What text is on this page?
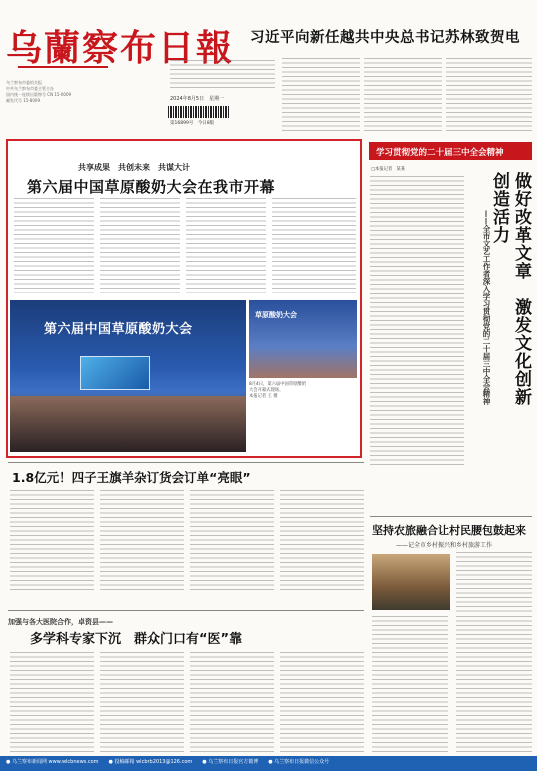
乌蘭察布日報
乌兰察布市委机关报
中共乌兰察布市委主管主办
国内统一连续出版物号 CN 15-0009
邮发代号 15-8009	2024年8月5日　星期一
第16899号　今日8版
习近平向新任越共中央总书记苏林致贺电
共享成果　共创未来　共谋大计
第六届中国草原酸奶大会在我市开幕
第六届中国草原酸奶大会
草原酸奶大会
8月4日，第六届中国草原酸奶
大会开幕式现场。
本报记者 王 摄
学习贯彻党的二十届三中全会精神
□本报记者　某某
——全市文艺工作者深入学习贯彻党的二十届三中全会精神	做好改革文章　激发文化创新创造活力
1.8亿元！四子王旗羊杂订货会订单“亮眼”
坚持农旅融合让村民腰包鼓起来
——记全市乡村振兴和乡村旅游工作
加强与各大医院合作，卓资县——
多学科专家下沉　群众门口有“医”靠
● 乌兰察布新闻网 www.wlcbnews.com　　● 投稿邮箱 wlcbrb2013@126.com　　● 乌兰察布日报官方微博　　● 乌兰察布日报微信公众号
